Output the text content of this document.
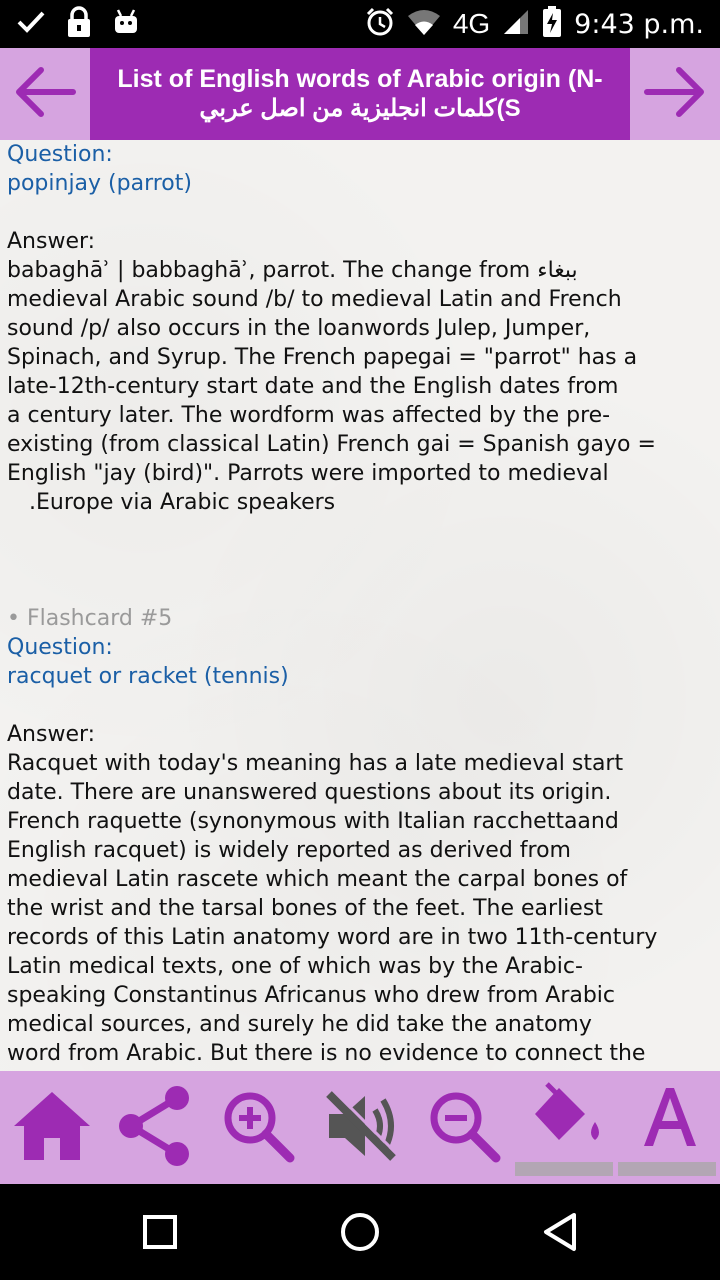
4G	9:43 p.m.
List of English words of Arabic origin (N-
كلمات انجليزية من اصل عربي(S
Question:
popinjay (parrot)
Answer:
babaghāʾ | babbaghāʾ, parrot. The change from ببغاء
medieval Arabic sound /b/ to medieval Latin and French
sound /p/ also occurs in the loanwords Julep, Jumper,
Spinach, and Syrup. The French papegai = "parrot" has a
late-12th-century start date and the English dates from
a century later. The wordform was affected by the pre-
existing (from classical Latin) French gai = Spanish gayo =
English "jay (bird)". Parrots were imported to medieval
.Europe via Arabic speakers
• Flashcard #5
Question:
racquet or racket (tennis)
Answer:
Racquet with today's meaning has a late medieval start
date. There are unanswered questions about its origin.
French raquette (synonymous with Italian racchettaand
English racquet) is widely reported as derived from
medieval Latin rascete which meant the carpal bones of
the wrist and the tarsal bones of the feet. The earliest
records of this Latin anatomy word are in two 11th-century
Latin medical texts, one of which was by the Arabic-
speaking Constantinus Africanus who drew from Arabic
medical sources, and surely he did take the anatomy
word from Arabic. But there is no evidence to connect the
